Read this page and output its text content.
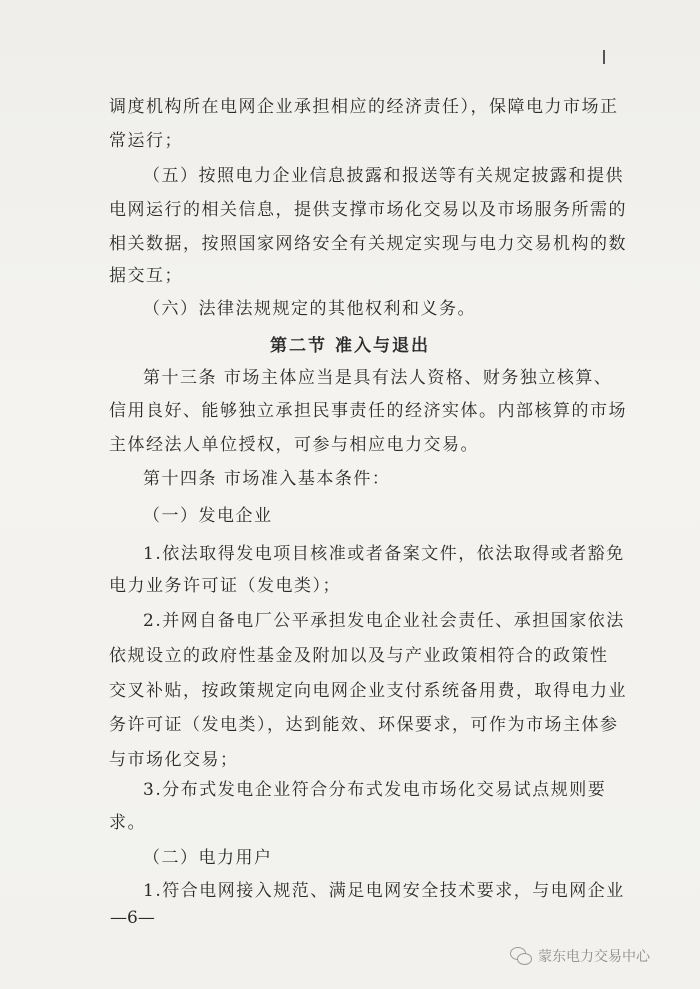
调度机构所在电网企业承担相应的经济责任），保障电力市场正
常运行；
（五）按照电力企业信息披露和报送等有关规定披露和提供
电网运行的相关信息，提供支撑市场化交易以及市场服务所需的
相关数据，按照国家网络安全有关规定实现与电力交易机构的数
据交互；
（六）法律法规规定的其他权利和义务。
第二节 准入与退出
第十三条 市场主体应当是具有法人资格、财务独立核算、
信用良好、能够独立承担民事责任的经济实体。内部核算的市场
主体经法人单位授权，可参与相应电力交易。
第十四条 市场准入基本条件：
（一）发电企业
1.依法取得发电项目核准或者备案文件，依法取得或者豁免
电力业务许可证（发电类）；
2.并网自备电厂公平承担发电企业社会责任、承担国家依法
依规设立的政府性基金及附加以及与产业政策相符合的政策性
交叉补贴，按政策规定向电网企业支付系统备用费，取得电力业
务许可证（发电类），达到能效、环保要求，可作为市场主体参
与市场化交易；
3.分布式发电企业符合分布式发电市场化交易试点规则要
求。
（二）电力用户
1.符合电网接入规范、满足电网安全技术要求，与电网企业
—6—
蒙东电力交易中心
